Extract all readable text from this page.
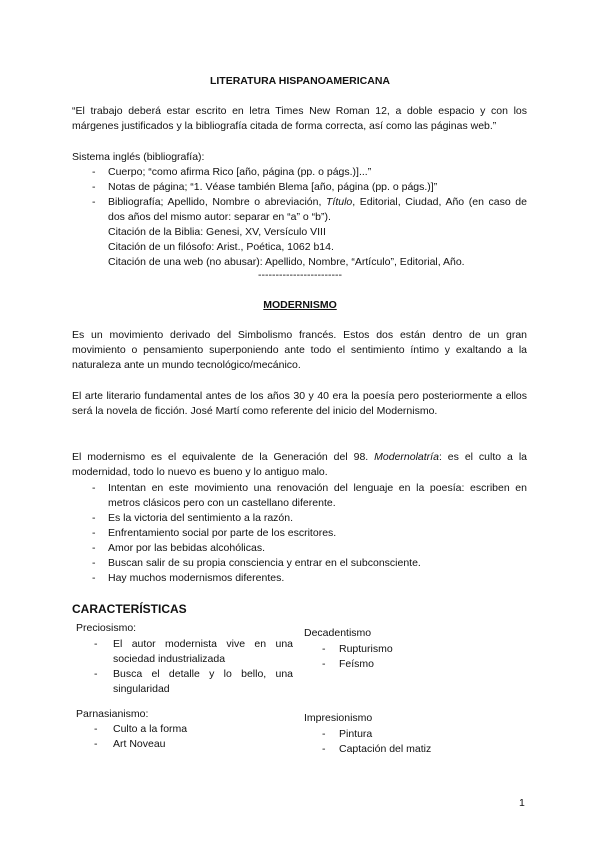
LITERATURA HISPANOAMERICANA
“El trabajo deberá estar escrito en letra Times New Roman 12, a doble espacio y con los márgenes justificados y la bibliografía citada de forma correcta, así como las páginas web.”
Sistema inglés (bibliografía):
- Cuerpo; “como afirma Rico [año, página (pp. o págs.)]...”
- Notas de página; “1. Véase también Blema [año, página (pp. o págs.)]”
- Bibliografía; Apellido, Nombre o abreviación, Título, Editorial, Ciudad, Año (en caso de dos años del mismo autor: separar en “a” o “b”).
Citación de la Biblia: Genesi, XV, Versículo VIII
Citación de un filósofo: Arist., Poética, 1062 b14.
Citación de una web (no abusar): Apellido, Nombre, “Artículo”, Editorial, Año.
------------------------
MODERNISMO
Es un movimiento derivado del Simbolismo francés. Estos dos están dentro de un gran movimiento o pensamiento superponiendo ante todo el sentimiento íntimo y exaltando a la naturaleza ante un mundo tecnológico/mecánico.
El arte literario fundamental antes de los años 30 y 40 era la poesía pero posteriormente a ellos será la novela de ficción. José Martí como referente del inicio del Modernismo.
El modernismo es el equivalente de la Generación del 98. Modernolatría: es el culto a la modernidad, todo lo nuevo es bueno y lo antiguo malo.
- Intentan en este movimiento una renovación del lenguaje en la poesía: escriben en metros clásicos pero con un castellano diferente.
- Es la victoria del sentimiento a la razón.
- Enfrentamiento social por parte de los escritores.
- Amor por las bebidas alcohólicas.
- Buscan salir de su propia consciencia y entrar en el subconsciente.
- Hay muchos modernismos diferentes.
CARACTERÍSTICAS
Preciosismo:
- El autor modernista vive en una sociedad industrializada
- Busca el detalle y lo bello, una singularidad
Parnasianismo:
- Culto a la forma
- Art Noveau
Decadentismo
- Rupturismo
- Feísmo
Impresionismo
- Pintura
- Captación del matiz
1
